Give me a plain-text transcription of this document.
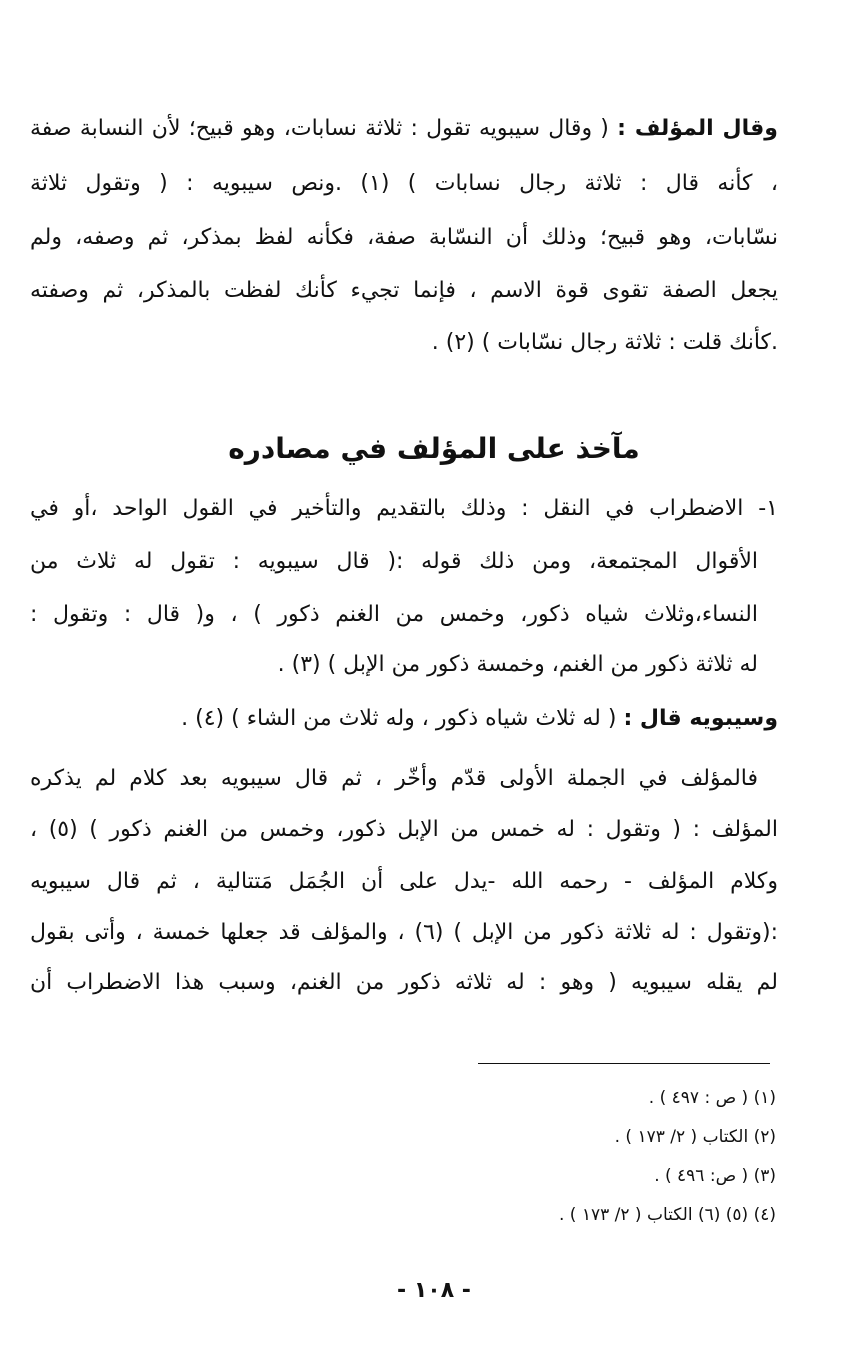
وقال المؤلف : ( وقال سيبويه تقول : ثلاثة نسابات، وهو قبيح؛ لأن النسابة صفة
، كأنه قال : ثلاثة رجال نسابات ) (١) .ونص سيبويه : ( وتقول ثلاثة
نسّابات، وهو قبيح؛ وذلك أن النسّابة صفة، فكأنه لفظ بمذكر، ثم وصفه، ولم
يجعل الصفة تقوى قوة الاسم ، فإنما تجيء كأنك لفظت بالمذكر، ثم وصفته
.كأنك قلت : ثلاثة رجال نسّابات ) (٢) .
مآخذ على المؤلف في مصادره
١- الاضطراب في النقل : وذلك بالتقديم والتأخير في القول الواحد ،أو في
الأقوال المجتمعة، ومن ذلك قوله :( قال سيبويه : تقول له ثلاث من
النساء،وثلاث شياه ذكور، وخمس من الغنم ذكور ) ، و( قال : وتقول :
له ثلاثة ذكور من الغنم، وخمسة ذكور من الإبل ) (٣) .
وسيبويه قال : ( له ثلاث شياه ذكور ، وله ثلاث من الشاء ) (٤) .
فالمؤلف في الجملة الأولى قدّم وأخّر ، ثم قال سيبويه بعد كلام لم يذكره
المؤلف : ( وتقول : له خمس من الإبل ذكور، وخمس من الغنم ذكور ) (٥) ،
وكلام المؤلف - رحمه الله -يدل على أن الجُمَل مَتتالية ، ثم قال سيبويه
:(وتقول : له ثلاثة ذكور من الإبل ) (٦) ، والمؤلف قد جعلها خمسة ، وأتى بقول
لم يقله سيبويه ( وهو : له ثلاثه ذكور من الغنم، وسبب هذا الاضطراب أن
(١) ( ص : ٤٩٧ ) .
(٢) الكتاب ( ٢/ ١٧٣ ) .
(٣) ( ص: ٤٩٦ ) .
(٤) (٥) (٦) الكتاب ( ٢/ ١٧٣ ) .
- ١٠٨ -
